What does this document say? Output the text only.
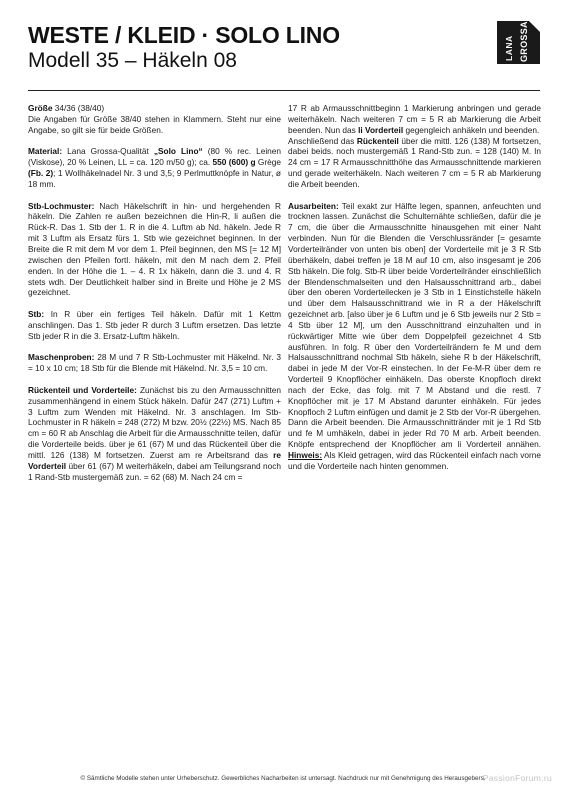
WESTE / KLEID · SOLO LINO
Modell 35 – Häkeln 08	LANA GROSSA

Größe 34/36 (38/40)
Die Angaben für Größe 38/40 stehen in Klammern. Steht nur eine Angabe, so gilt sie für beide Größen.

Material: Lana Grossa-Qualität „Solo Lino“ (80 % rec. Leinen (Viskose), 20 % Leinen, LL = ca. 120 m/50 g); ca. 550 (600) g Grège (Fb. 2); 1 Wollhäkelnadel Nr. 3 und 3,5; 9 Perlmuttknöpfe in Natur, ø 18 mm.

Stb-Lochmuster: Nach Häkelschrift in hin- und hergehenden R häkeln. Die Zahlen re außen bezeichnen die Hin-R, li außen die Rück-R. Das 1. Stb der 1. R in die 4. Luftm ab Nd. häkeln. Jede R mit 3 Luftm als Ersatz fürs 1. Stb wie gezeichnet beginnen. In der Breite die R mit dem M vor dem 1. Pfeil beginnen, den MS [= 12 M] zwischen den Pfeilen fortl. häkeln, mit den M nach dem 2. Pfeil enden. In der Höhe die 1. – 4. R 1x häkeln, dann die 3. und 4. R stets wdh. Der Deutlichkeit halber sind in Breite und Höhe je 2 MS gezeichnet.

Stb: In R über ein fertiges Teil häkeln. Dafür mit 1 Kettm anschlingen. Das 1. Stb jeder R durch 3 Luftm ersetzen. Das letzte Stb jeder R in die 3. Ersatz-Luftm häkeln.

Maschenproben: 28 M und 7 R Stb-Lochmuster mit Häkelnd. Nr. 3 = 10 x 10 cm; 18 Stb für die Blende mit Häkelnd. Nr. 3,5 = 10 cm.

Rückenteil und Vorderteile: Zunächst bis zu den Armausschnitten zusammenhängend in einem Stück häkeln. Dafür 247 (271) Luftm + 3 Luftm zum Wenden mit Häkelnd. Nr. 3 anschlagen. Im Stb-Lochmuster in R häkeln = 248 (272) M bzw. 20½ (22½) MS. Nach 85 cm = 60 R ab Anschlag die Arbeit für die Armausschnitte teilen, dafür die Vorderteile beids. über je 61 (67) M und das Rückenteil über die mittl. 126 (138) M fortsetzen. Zuerst am re Arbeitsrand das re Vorderteil über 61 (67) M weiterhäkeln, dabei am Teilungsrand noch 1 Rand-Stb mustergemäß zun. = 62 (68) M. Nach 24 cm =

17 R ab Armausschnittbeginn 1 Markierung anbringen und gerade weiterhäkeln. Nach weiteren 7 cm = 5 R ab Markierung die Arbeit beenden. Nun das li Vorderteil gegengleich anhäkeln und beenden.
Anschließend das Rückenteil über die mittl. 126 (138) M fortsetzen, dabei beids. noch mustergemäß 1 Rand-Stb zun. = 128 (140) M. In 24 cm = 17 R Armausschnitthöhe das Armausschnittende markieren und gerade weiterhäkeln. Nach weiteren 7 cm = 5 R ab Markierung die Arbeit beenden.

Ausarbeiten: Teil exakt zur Hälfte legen, spannen, anfeuchten und trocknen lassen. Zunächst die Schulternähte schließen, dafür die je 7 cm, die über die Armausschnitte hinausgehen mit einer Naht verbinden. Nun für die Blenden die Verschlussränder [= gesamte Vorderteilränder von unten bis oben] der Vorderteile mit je 3 R Stb überhäkeln, dabei treffen je 18 M auf 10 cm, also insgesamt je 206 Stb häkeln. Die folg. Stb-R über beide Vorderteilränder einschließlich der Blendenschmalseiten und den Halsausschnittrand arb., dabei über den oberen Vorderteilecken je 3 Stb in 1 Einstichstelle häkeln und über dem Halsausschnittrand wie in R a der Häkelschrift gezeichnet arb. [also über je 6 Luftm und je 6 Stb jeweils nur 2 Stb = 4 Stb über 12 M], um den Ausschnittrand einzuhalten und in rückwärtiger Mitte wie über dem Doppelpfeil gezeichnet 4 Stb ausführen. In folg. R über den Vorderteilrändern fe M und dem Halsausschnittrand nochmal Stb häkeln, siehe R b der Häkelschrift, dabei in jede M der Vor-R einstechen. In der Fe-M-R über dem re Vorderteil 9 Knopflöcher einhäkeln. Das oberste Knopfloch direkt nach der Ecke, das folg. mit 7 M Abstand und die restl. 7 Knopflöcher mit je 17 M Abstand darunter einhäkeln. Für jedes Knopfloch 2 Luftm einfügen und damit je 2 Stb der Vor-R übergehen. Dann die Arbeit beenden. Die Armausschnittränder mit je 1 Rd Stb und fe M umhäkeln, dabei in jeder Rd 70 M arb. Arbeit beenden. Knöpfe entsprechend der Knopflöcher am li Vorderteil annähen. Hinweis: Als Kleid getragen, wird das Rückenteil einfach nach vorne und die Vorderteile nach hinten genommen.

© Sämtliche Modelle stehen unter Urheberschutz. Gewerbliches Nacharbeiten ist untersagt. Nachdruck nur mit Genehmigung des Herausgebers.
PassionForum.ru
